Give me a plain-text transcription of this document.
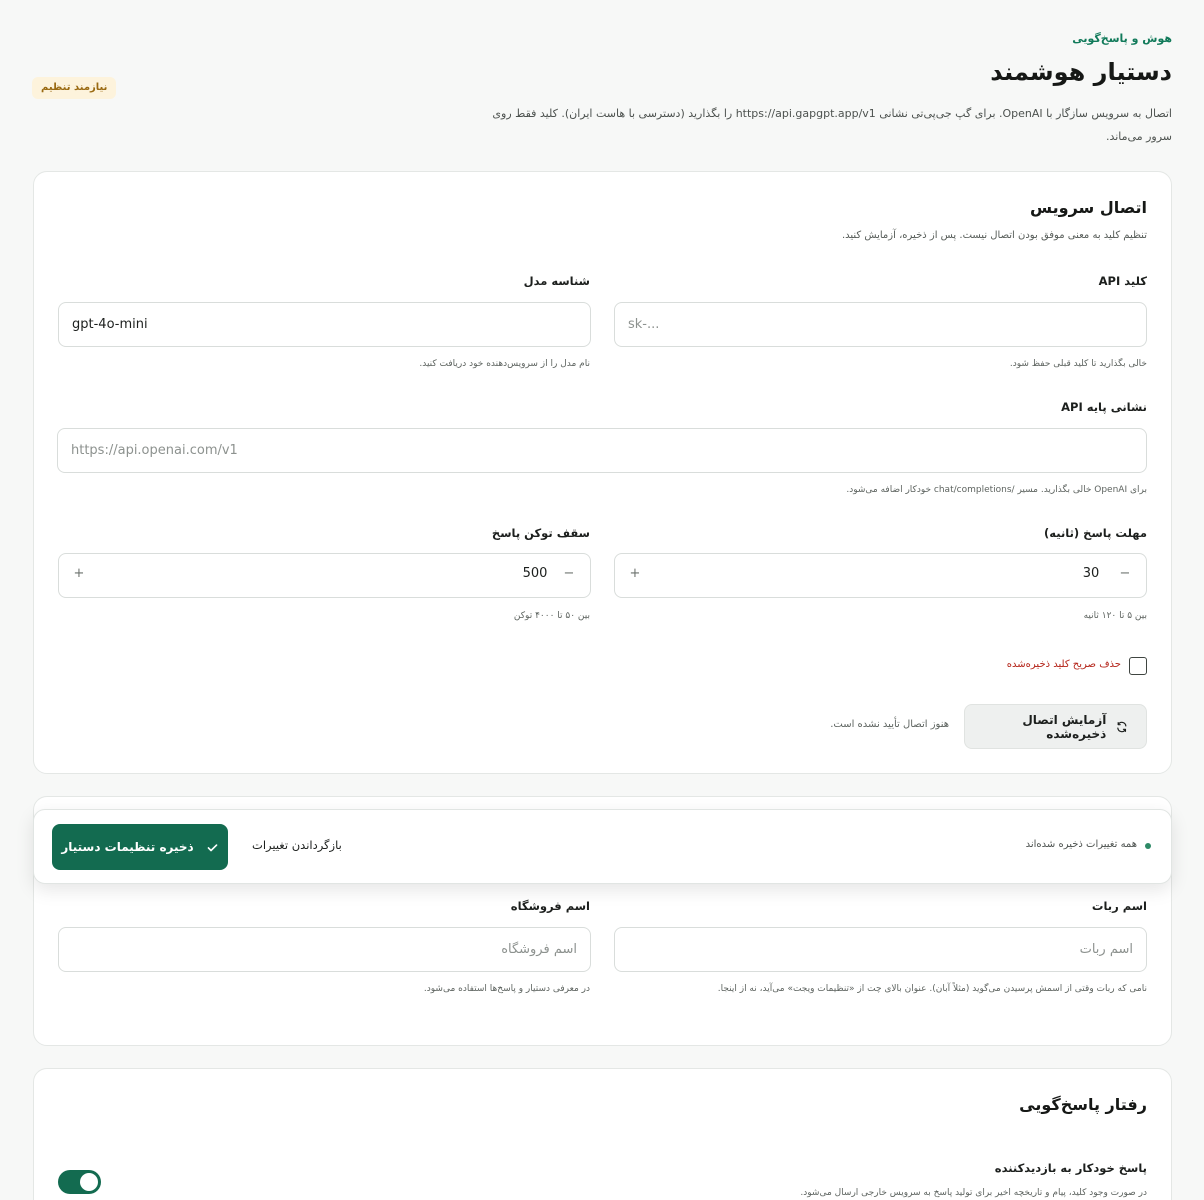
هوش و پاسخ‌گویی
دستیار هوشمند
نیازمند تنظیم

اتصال به سرویس سازگار با OpenAI. برای گپ جی‌پی‌تی نشانی https://api.gapgpt.app/v1 را بگذارید (دسترسی با هاست ایران). کلید فقط روی سرور می‌ماند.

اتصال سرویس

تنظیم کلید به معنی موفق بودن اتصال نیست. پس از ذخیره، آزمایش کنید.

کلید API
sk-...

خالی بگذارید تا کلید قبلی حفظ شود.

شناسه مدل
gpt-4o-mini

نام مدل را از سرویس‌دهنده خود دریافت کنید.

نشانی پایه API
https://api.openai.com/v1

برای OpenAI خالی بگذارید. مسیر /chat/completions خودکار اضافه می‌شود.

مهلت پاسخ (ثانیه)
−
30
+

بین ۵ تا ۱۲۰ ثانیه

سقف توکن پاسخ
−
500
+

بین ۵۰ تا ۴۰۰۰ توکن

حذف صریح کلید ذخیره‌شده
آزمایش اتصال ذخیره‌شده
هنوز اتصال تأیید نشده است.
اسم ربات
اسم ربات

نامی که ربات وقتی از اسمش پرسیدن می‌گوید (مثلاً آبان). عنوان بالای چت از «تنظیمات ویجت» می‌آید، نه از اینجا.

اسم فروشگاه
اسم فروشگاه

در معرفی دستیار و پاسخ‌ها استفاده می‌شود.

همه تغییرات ذخیره شده‌اند
بازگرداندن تغییرات
ذخیره تنظیمات دستیار
رفتار پاسخ‌گویی
پاسخ خودکار به بازدیدکننده

در صورت وجود کلید، پیام و تاریخچه اخیر برای تولید پاسخ به سرویس خارجی ارسال می‌شود.
